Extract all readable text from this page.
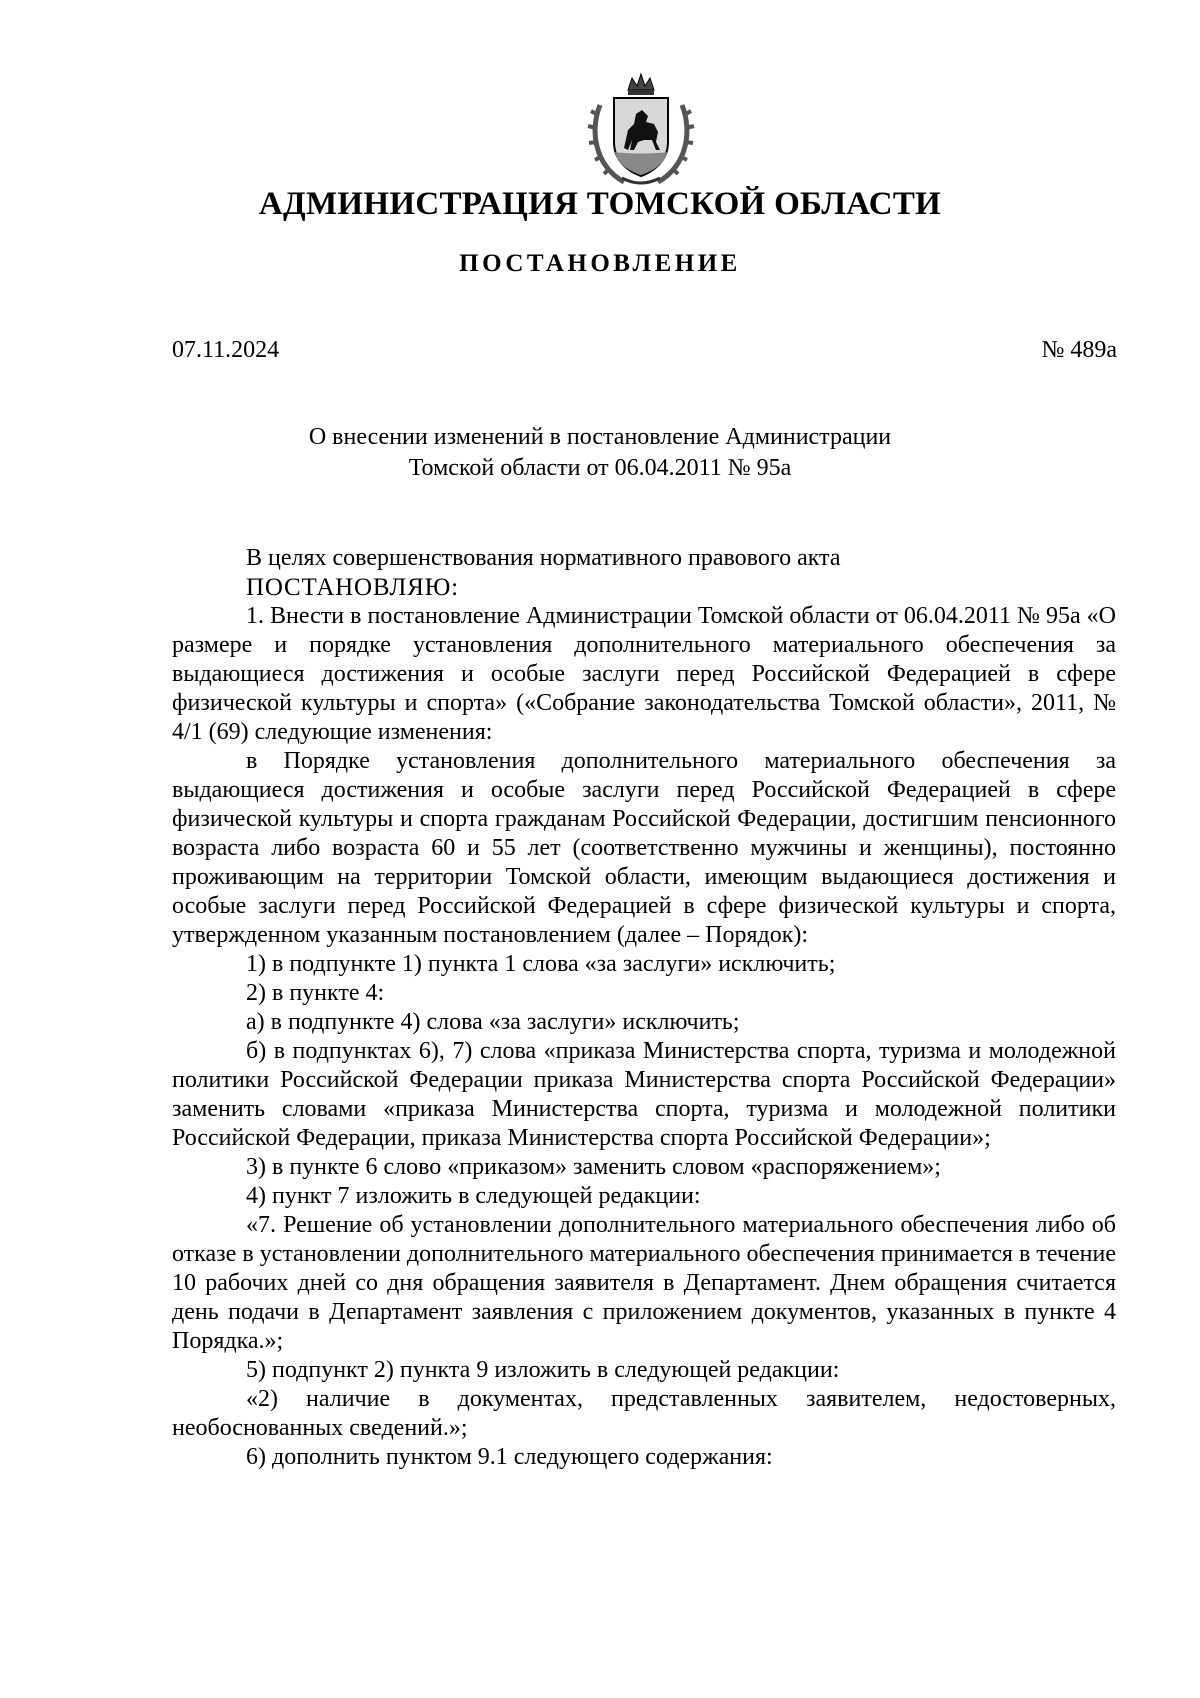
АДМИНИСТРАЦИЯ ТОМСКОЙ ОБЛАСТИ
ПОСТАНОВЛЕНИЕ
07.11.2024	№ 489а
О внесении изменений в постановление Администрации
Томской области от 06.04.2011 № 95а

В целях совершенствования нормативного правового акта

ПОСТАНОВЛЯЮ:

1. Внести в постановление Администрации Томской области от 06.04.2011 № 95а «О размере и порядке установления дополнительного материального обеспечения за выдающиеся достижения и особые заслуги перед Российской Федерацией в сфере физической культуры и спорта» («Собрание законодательства Томской области», 2011, № 4/1 (69) следующие изменения:

в Порядке установления дополнительного материального обеспечения за выдающиеся достижения и особые заслуги перед Российской Федерацией в сфере физической культуры и спорта гражданам Российской Федерации, достигшим пенсионного возраста либо возраста 60 и 55 лет (соответственно мужчины и женщины), постоянно проживающим на территории Томской области, имеющим выдающиеся достижения и особые заслуги перед Российской Федерацией в сфере физической культуры и спорта, утвержденном указанным постановлением (далее – Порядок):

1) в подпункте 1) пункта 1 слова «за заслуги» исключить;

2) в пункте 4:

а) в подпункте 4) слова «за заслуги» исключить;

б) в подпунктах 6), 7) слова «приказа Министерства спорта, туризма и молодежной политики Российской Федерации приказа Министерства спорта Российской Федерации» заменить словами «приказа Министерства спорта, туризма и молодежной политики Российской Федерации, приказа Министерства спорта Российской Федерации»;

3) в пункте 6 слово «приказом» заменить словом «распоряжением»;

4) пункт 7 изложить в следующей редакции:

«7. Решение об установлении дополнительного материального обеспечения либо об отказе в установлении дополнительного материального обеспечения принимается в течение 10 рабочих дней со дня обращения заявителя в Департамент. Днем обращения считается день подачи в Департамент заявления с приложением документов, указанных в пункте 4 Порядка.»;

5) подпункт 2) пункта 9 изложить в следующей редакции:

«2) наличие в документах, представленных заявителем, недостоверных, необоснованных сведений.»;

6) дополнить пунктом 9.1 следующего содержания:
